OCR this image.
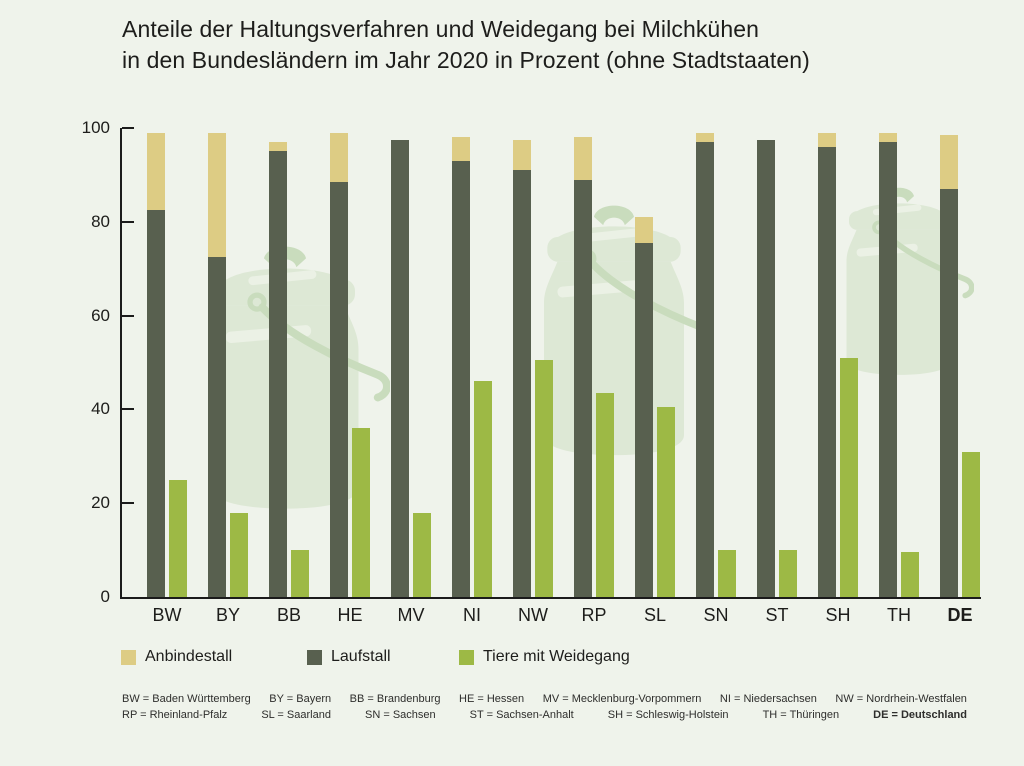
Anteile der Haltungsverfahren und Weidegang bei Milchkühen
in den Bundesländern im Jahr 2020 in Prozent (ohne Stadtstaaten)
0
20
40
60
80
100
BW	BY	BB	HE	MV	NI	NW	RP	SL	SN	ST	SH	TH	DE
Anbindestall	Laufstall	Tiere mit Weidegang
BW = Baden Württemberg BY = Bayern BB = Brandenburg HE = Hessen MV = Mecklenburg-Vorpommern NI = Niedersachsen NW = Nordrhein-Westfalen
RP = Rheinland-Pfalz	SL = Saarland	SN = Sachsen	ST = Sachsen-Anhalt	SH = Schleswig-Holstein	TH = Thüringen	DE = Deutschland
